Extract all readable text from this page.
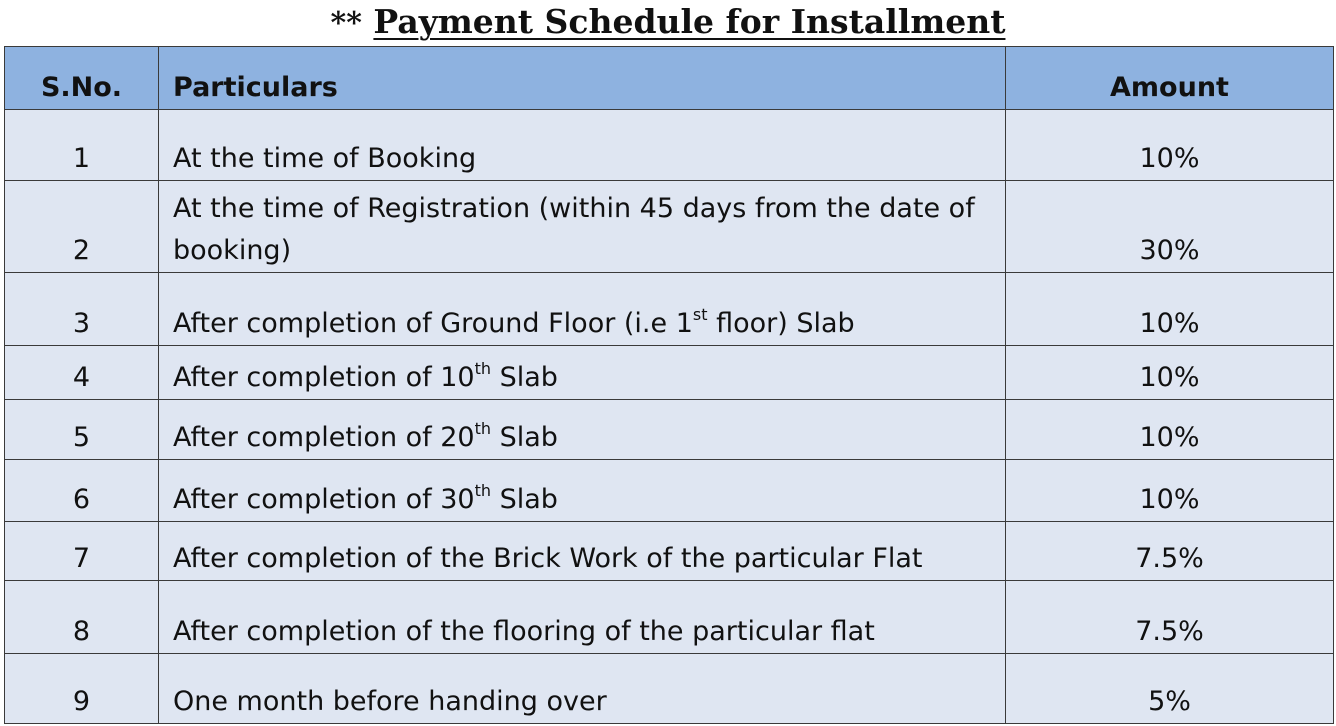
** Payment Schedule for Installment
S.No.	Particulars	Amount
1	At the time of Booking	10%
2	At the time of Registration (within 45 days from the date of booking)	30%
3	After completion of Ground Floor (i.e 1st floor) Slab	10%
4	After completion of 10th Slab	10%
5	After completion of 20th Slab	10%
6	After completion of 30th Slab	10%
7	After completion of the Brick Work of the particular Flat	7.5%
8	After completion of the flooring of the particular flat	7.5%
9	One month before handing over	5%
